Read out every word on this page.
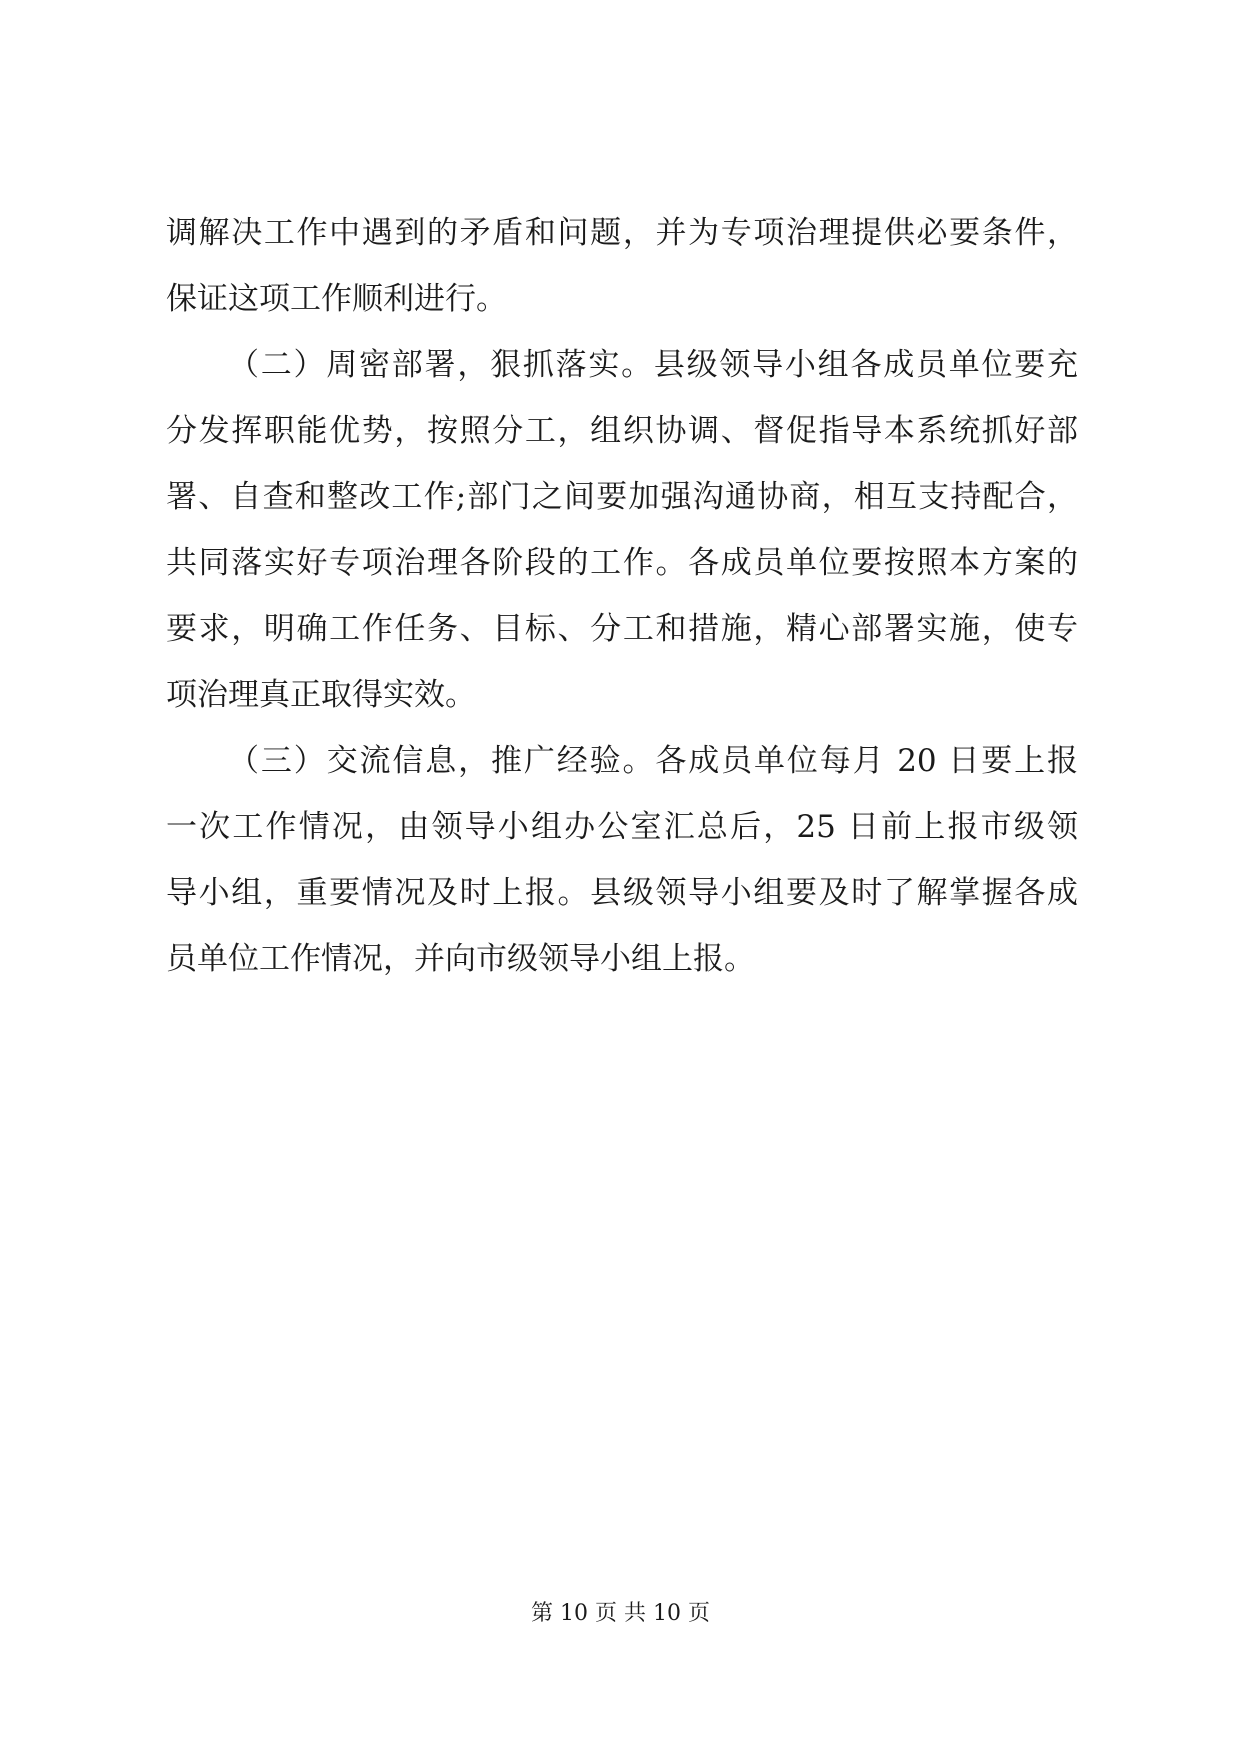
调解决工作中遇到的矛盾和问题，并为专项治理提供必要条件，
保证这项工作顺利进行。
（二）周密部署，狠抓落实。县级领导小组各成员单位要充
分发挥职能优势，按照分工，组织协调、督促指导本系统抓好部
署、自查和整改工作;部门之间要加强沟通协商，相互支持配合，
共同落实好专项治理各阶段的工作。各成员单位要按照本方案的
要求，明确工作任务、目标、分工和措施，精心部署实施，使专
项治理真正取得实效。
（三）交流信息，推广经验。各成员单位每月 20 日要上报
一次工作情况，由领导小组办公室汇总后，25 日前上报市级领
导小组，重要情况及时上报。县级领导小组要及时了解掌握各成
员单位工作情况，并向市级领导小组上报。
第 10 页 共 10 页
